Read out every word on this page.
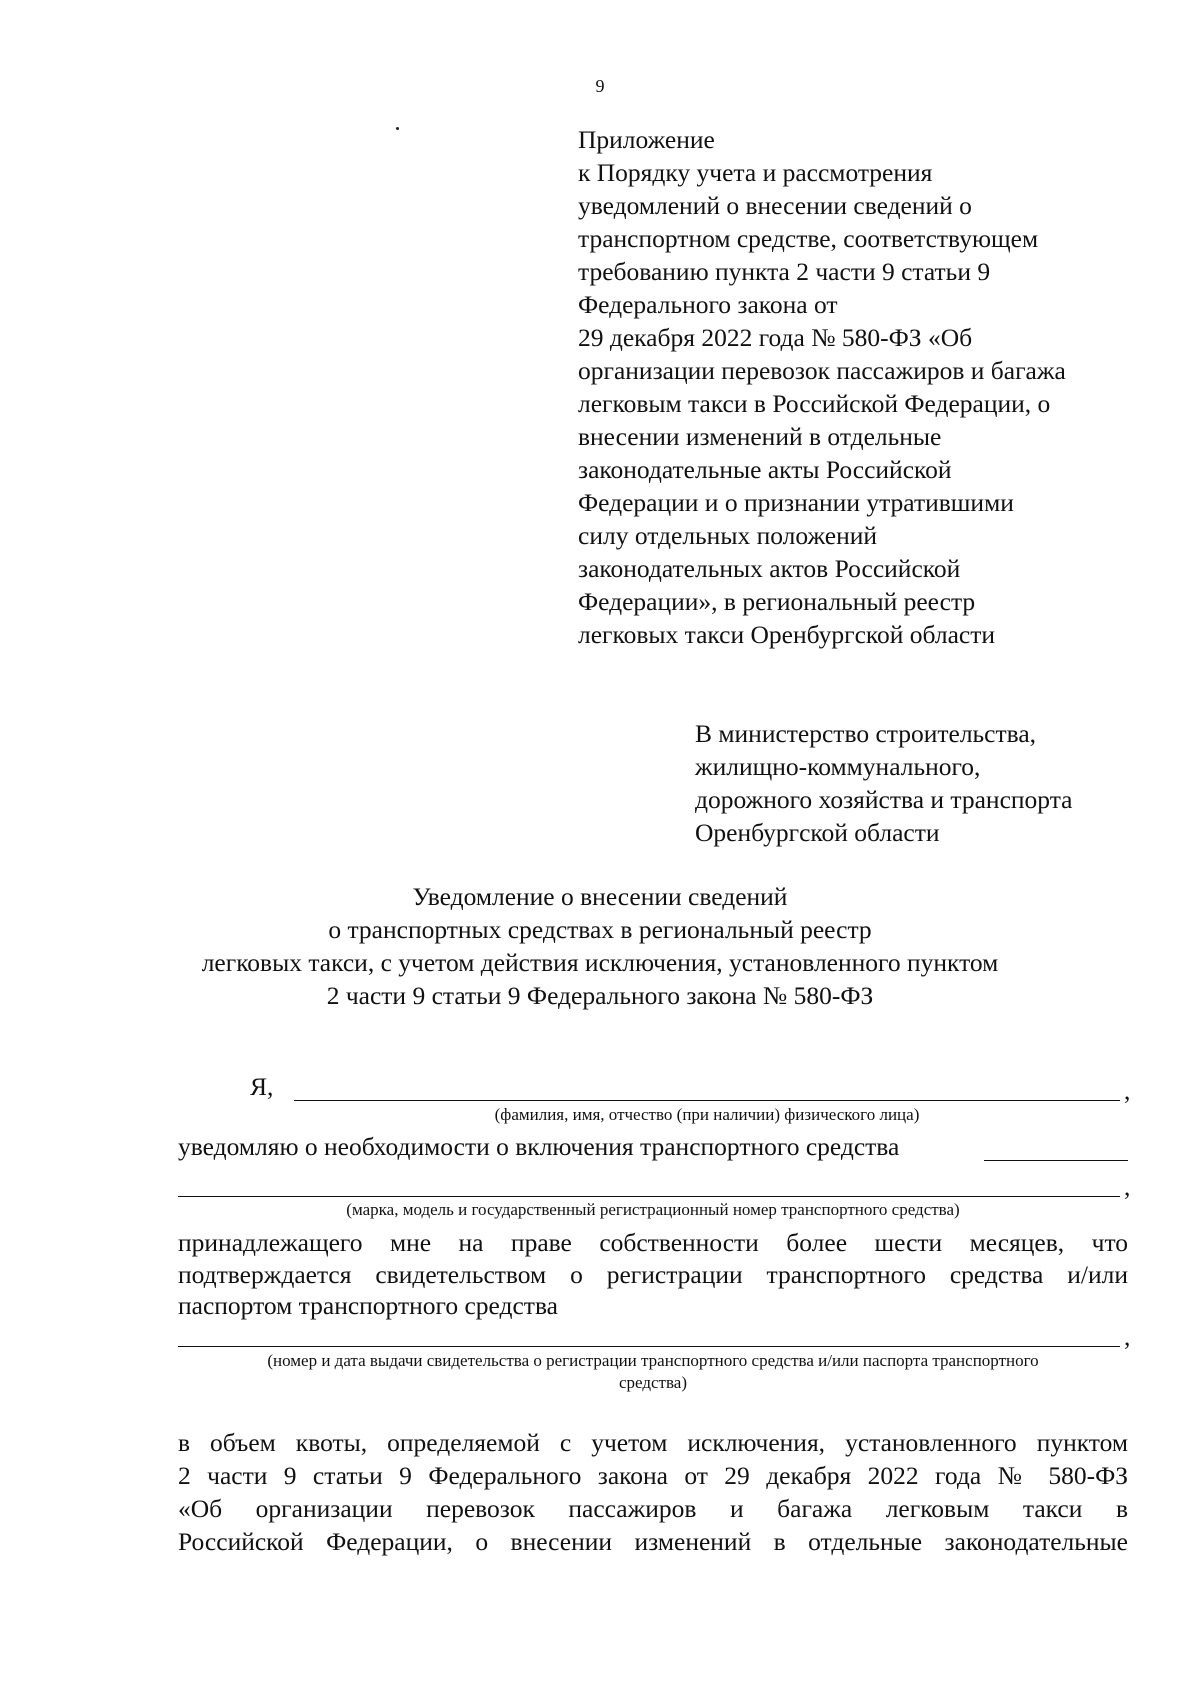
9
Приложение
к Порядку учета и рассмотрения
уведомлений о внесении сведений о
транспортном средстве, соответствующем
требованию пункта 2 части 9 статьи 9
Федерального закона от
29 декабря 2022 года № 580-ФЗ «Об
организации перевозок пассажиров и багажа
легковым такси в Российской Федерации, о
внесении изменений в отдельные
законодательные акты Российской
Федерации и о признании утратившими
силу отдельных положений
законодательных актов Российской
Федерации», в региональный реестр
легковых такси Оренбургской области
В министерство строительства,
жилищно-коммунального,
дорожного хозяйства и транспорта
Оренбургской области
Уведомление о внесении сведений
о транспортных средствах в региональный реестр
легковых такси, с учетом действия исключения, установленного пунктом
2 части 9 статьи 9 Федерального закона № 580-ФЗ
Я,	,
(фамилия, имя, отчество (при наличии) физического лица)
уведомляю о необходимости о включения транспортного средства
,
(марка, модель и государственный регистрационный номер транспортного средства)
принадлежащего мне на праве собственности более шести месяцев, что
подтверждается свидетельством о регистрации транспортного средства и/или
паспортом транспортного средства
,
(номер и дата выдачи свидетельства о регистрации транспортного средства и/или паспорта транспортного
средства)
в объем квоты, определяемой с учетом исключения, установленного пунктом
2 части 9 статьи 9 Федерального закона от 29 декабря 2022 года № 580-ФЗ
«Об организации перевозок пассажиров и багажа легковым такси в
Российской Федерации, о внесении изменений в отдельные законодательные
